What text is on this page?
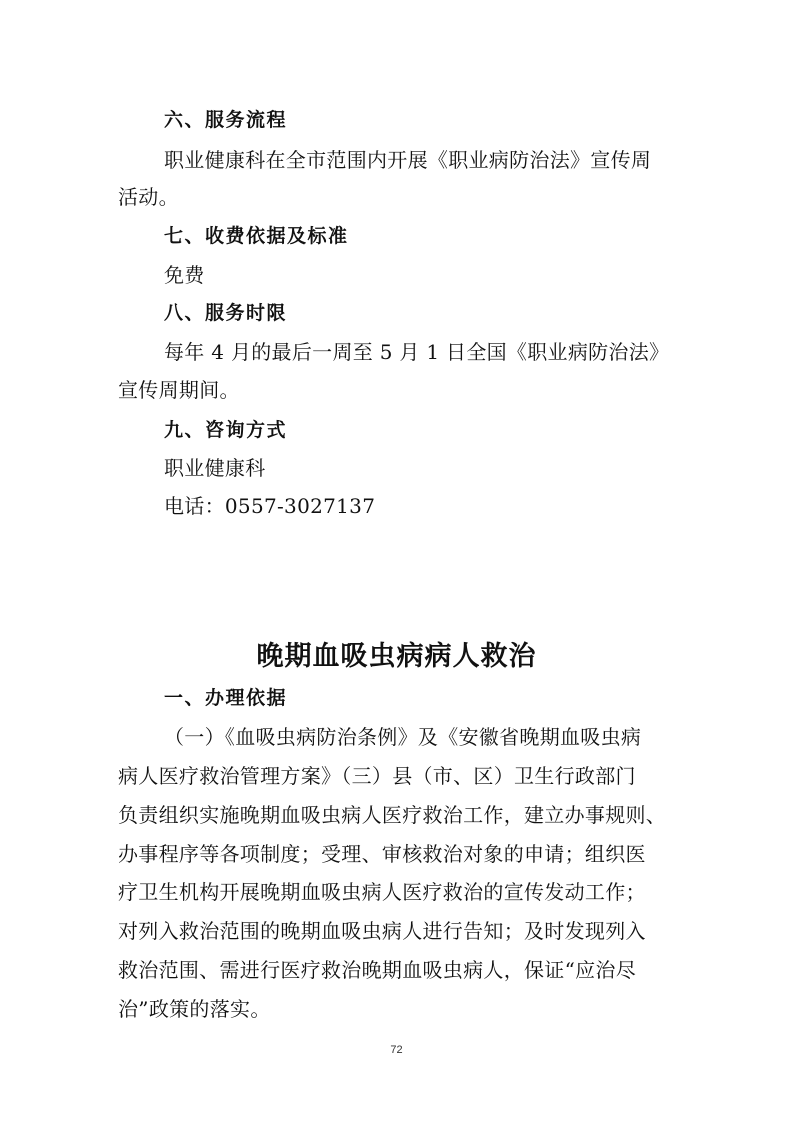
六、服务流程
职业健康科在全市范围内开展《职业病防治法》宣传周
活动。
七、收费依据及标准
免费
八、服务时限
每年 4 月的最后一周至 5 月 1 日全国《职业病防治法》
宣传周期间。
九、咨询方式
职业健康科
电话：0557-3027137
晚期血吸虫病病人救治
一、办理依据
（一）《血吸虫病防治条例》及《安徽省晚期血吸虫病
病人医疗救治管理方案》（三）县（市、区）卫生行政部门
负责组织实施晚期血吸虫病人医疗救治工作，建立办事规则、
办事程序等各项制度；受理、审核救治对象的申请；组织医
疗卫生机构开展晚期血吸虫病人医疗救治的宣传发动工作；
对列入救治范围的晚期血吸虫病人进行告知；及时发现列入
救治范围、需进行医疗救治晚期血吸虫病人，保证“应治尽
治”政策的落实。
72
